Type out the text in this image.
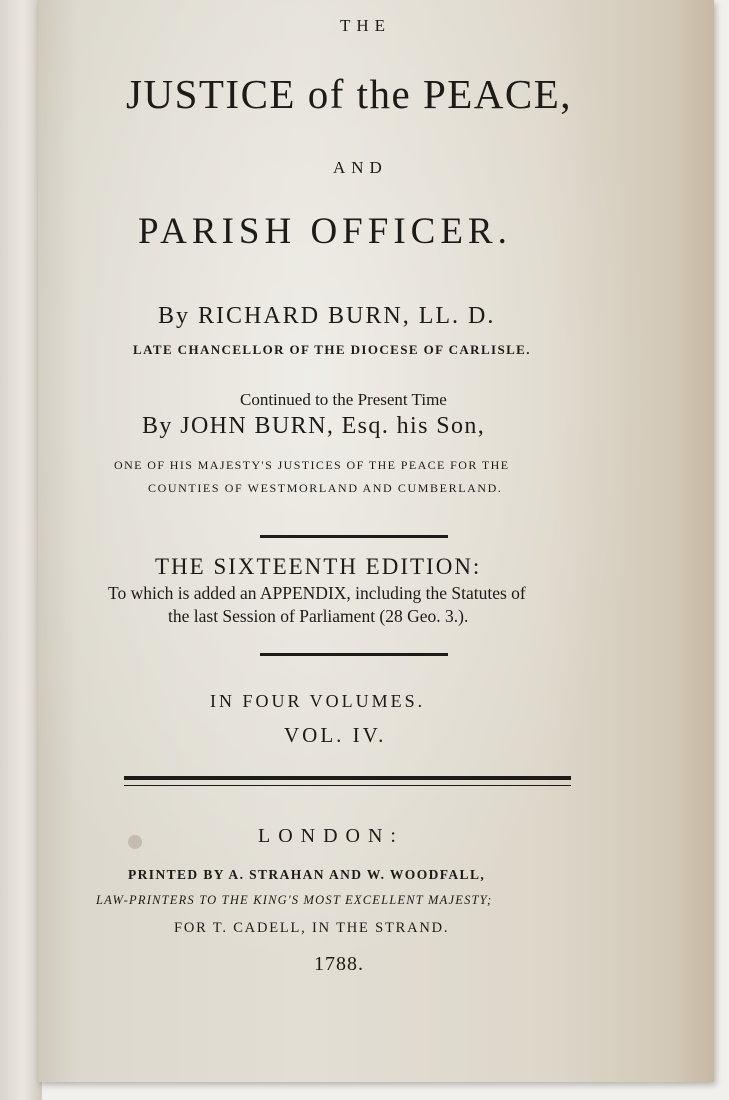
THE
JUSTICE of the PEACE,
AND
PARISH OFFICER.
By RICHARD BURN, LL. D.
LATE CHANCELLOR OF THE DIOCESE OF CARLISLE.
Continued to the Present Time
By JOHN BURN, Esq. his Son,
ONE OF HIS MAJESTY'S JUSTICES OF THE PEACE FOR THE
COUNTIES OF WESTMORLAND AND CUMBERLAND.
THE SIXTEENTH EDITION:
To which is added an APPENDIX, including the Statutes of
the last Session of Parliament (28 Geo. 3.).
IN FOUR VOLUMES.
VOL. IV.
LONDON:
PRINTED BY A. STRAHAN AND W. WOODFALL,
LAW-PRINTERS TO THE KING'S MOST EXCELLENT MAJESTY;
FOR T. CADELL, IN THE STRAND.
1788.
